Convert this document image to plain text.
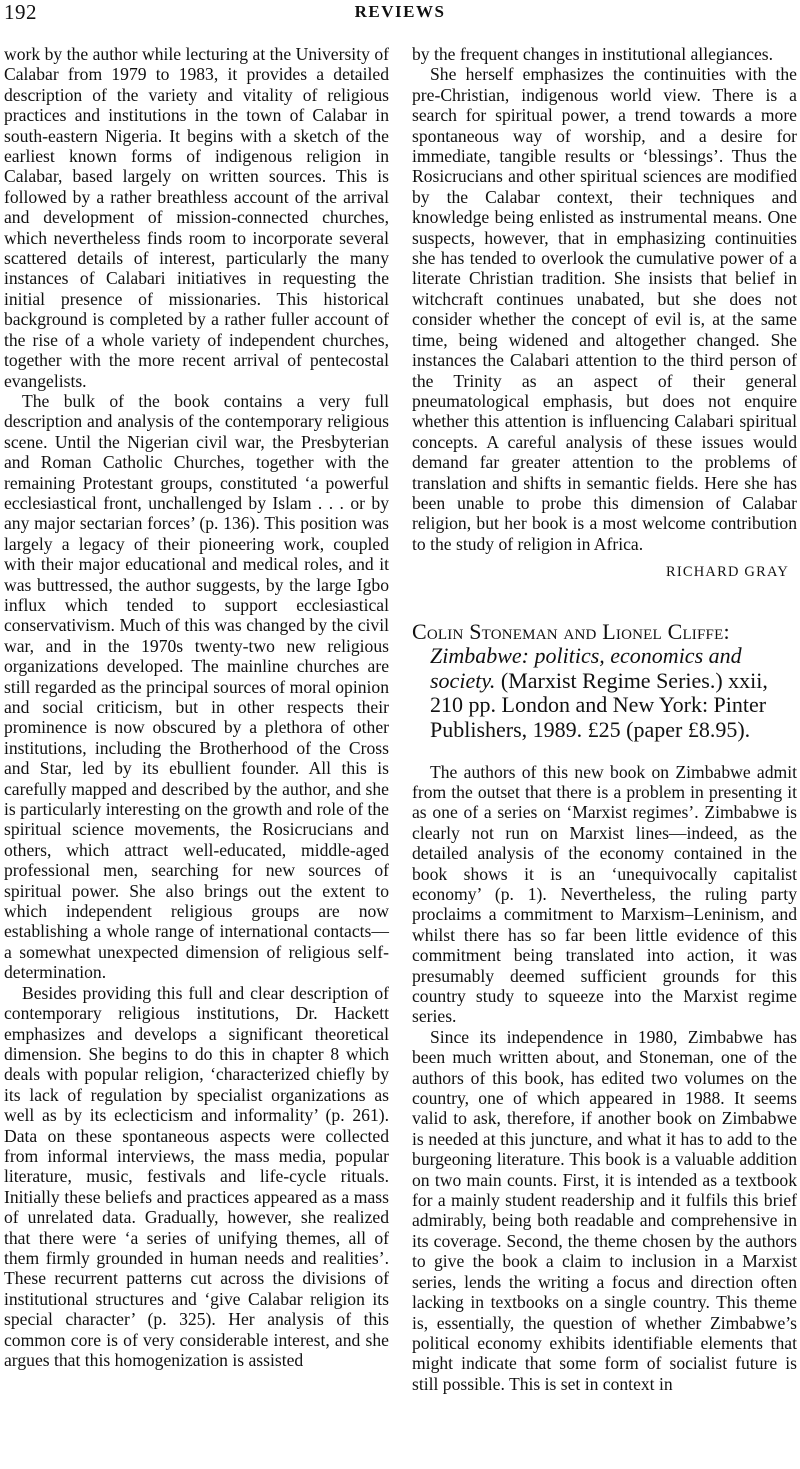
192	REVIEWS

work by the author while lecturing at the University of Calabar from 1979 to 1983, it provides a detailed description of the variety and vitality of religious practices and institutions in the town of Calabar in south-eastern Nigeria. It begins with a sketch of the earliest known forms of indigenous religion in Calabar, based largely on written sources. This is followed by a rather breathless account of the arrival and development of mission-connected churches, which nevertheless finds room to incorporate several scattered details of interest, particularly the many instances of Calabari initiatives in requesting the initial presence of missionaries. This historical background is completed by a rather fuller account of the rise of a whole variety of independent churches, together with the more recent arrival of pentecostal evangelists.

The bulk of the book contains a very full description and analysis of the contemporary religious scene. Until the Nigerian civil war, the Presbyterian and Roman Catholic Churches, together with the remaining Protestant groups, constituted ‘a powerful ecclesiastical front, unchallenged by Islam . . . or by any major sectarian forces’ (p. 136). This position was largely a legacy of their pioneering work, coupled with their major educational and medical roles, and it was buttressed, the author suggests, by the large Igbo influx which tended to support ecclesiastical conservativism. Much of this was changed by the civil war, and in the 1970s twenty-two new religious organizations developed. The mainline churches are still regarded as the principal sources of moral opinion and social criticism, but in other respects their prominence is now obscured by a plethora of other institutions, including the Brotherhood of the Cross and Star, led by its ebullient founder. All this is carefully mapped and described by the author, and she is particularly interesting on the growth and role of the spiritual science movements, the Rosicrucians and others, which attract well-educated, middle-aged professional men, searching for new sources of spiritual power. She also brings out the extent to which independent religious groups are now establishing a whole range of international contacts—a somewhat unexpected dimension of religious self-determination.

Besides providing this full and clear description of contemporary religious institutions, Dr. Hackett emphasizes and develops a significant theoretical dimension. She begins to do this in chapter 8 which deals with popular religion, ‘characterized chiefly by its lack of regulation by specialist organizations as well as by its eclecticism and informality’ (p. 261). Data on these spontaneous aspects were collected from informal interviews, the mass media, popular literature, music, festivals and life-cycle rituals. Initially these beliefs and practices appeared as a mass of unrelated data. Gradually, however, she realized that there were ‘a series of unifying themes, all of them firmly grounded in human needs and realities’. These recurrent patterns cut across the divisions of institutional structures and ‘give Calabar religion its special character’ (p. 325). Her analysis of this common core is of very considerable interest, and she argues that this homogenization is assisted

by the frequent changes in institutional allegiances.

She herself emphasizes the continuities with the pre-Christian, indigenous world view. There is a search for spiritual power, a trend towards a more spontaneous way of worship, and a desire for immediate, tangible results or ‘blessings’. Thus the Rosicrucians and other spiritual sciences are modified by the Calabar context, their techniques and knowledge being enlisted as instrumental means. One suspects, however, that in emphasizing continuities she has tended to overlook the cumulative power of a literate Christian tradition. She insists that belief in witchcraft continues unabated, but she does not consider whether the concept of evil is, at the same time, being widened and altogether changed. She instances the Calabari attention to the third person of the Trinity as an aspect of their general pneumatological emphasis, but does not enquire whether this attention is influencing Calabari spiritual concepts. A careful analysis of these issues would demand far greater attention to the problems of translation and shifts in semantic fields. Here she has been unable to probe this dimension of Calabar religion, but her book is a most welcome contribution to the study of religion in Africa.

RICHARD GRAY
Colin Stoneman and Lionel Cliffe: Zimbabwe: politics, economics and society. (Marxist Regime Series.) xxii, 210 pp. London and New York: Pinter Publishers, 1989. £25 (paper £8.95).

The authors of this new book on Zimbabwe admit from the outset that there is a problem in presenting it as one of a series on ‘Marxist regimes’. Zimbabwe is clearly not run on Marxist lines—indeed, as the detailed analysis of the economy contained in the book shows it is an ‘unequivocally capitalist economy’ (p. 1). Nevertheless, the ruling party proclaims a commitment to Marxism–Leninism, and whilst there has so far been little evidence of this commitment being translated into action, it was presumably deemed sufficient grounds for this country study to squeeze into the Marxist regime series.

Since its independence in 1980, Zimbabwe has been much written about, and Stoneman, one of the authors of this book, has edited two volumes on the country, one of which appeared in 1988. It seems valid to ask, therefore, if another book on Zimbabwe is needed at this juncture, and what it has to add to the burgeoning literature. This book is a valuable addition on two main counts. First, it is intended as a textbook for a mainly student readership and it fulfils this brief admirably, being both readable and comprehensive in its coverage. Second, the theme chosen by the authors to give the book a claim to inclusion in a Marxist series, lends the writing a focus and direction often lacking in textbooks on a single country. This theme is, essentially, the question of whether Zimbabwe’s political economy exhibits identifiable elements that might indicate that some form of socialist future is still possible. This is set in context in
